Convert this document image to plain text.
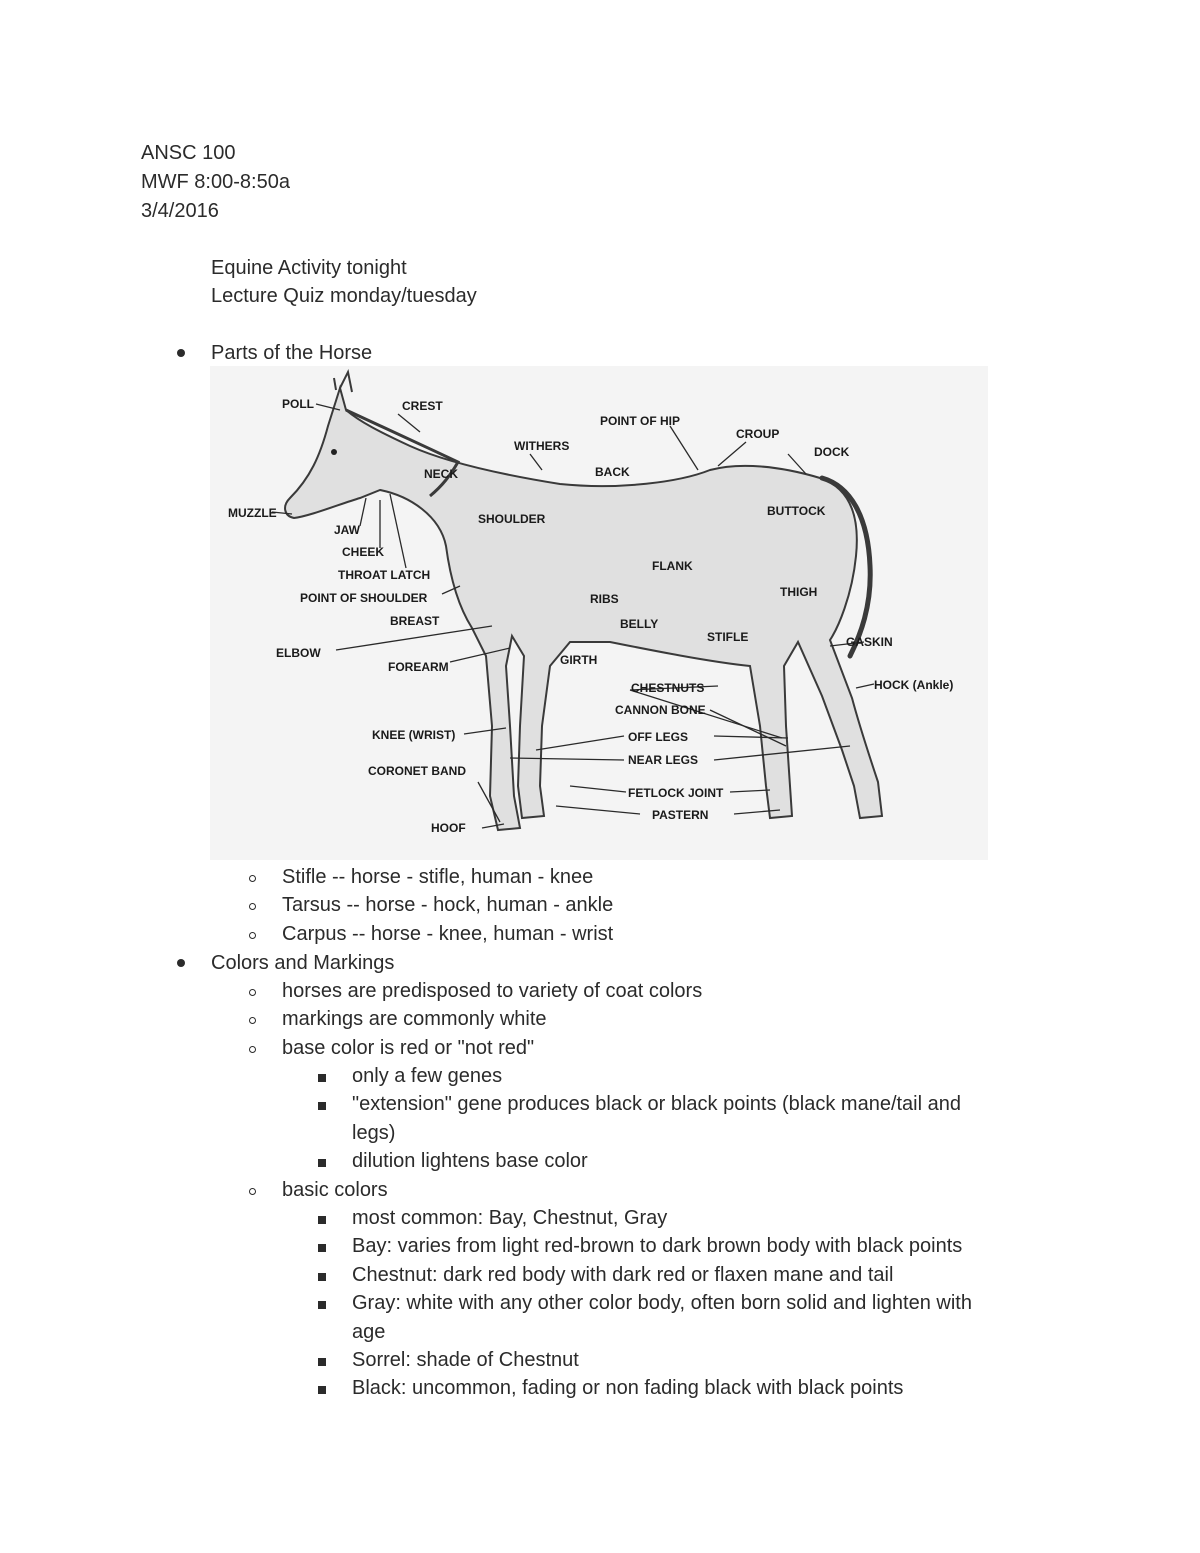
ANSC 100
MWF 8:00-8:50a
3/4/2016
Equine Activity tonight
Lecture Quiz monday/tuesday
Parts of the Horse
POLL	CREST
WITHERS
POINT OF HIP
CROUP
DOCK
NECK	BACK
MUZZLE
JAW
SHOULDER
BUTTOCK
CHEEK
THROAT LATCH
FLANK
POINT OF SHOULDER	RIBS	THIGH
BREAST	BELLY
STIFLE	GASKIN
ELBOW
FOREARM	GIRTH
CHESTNUTS	HOCK (Ankle)
CANNON BONE
KNEE (WRIST)	OFF LEGS
NEAR LEGS
CORONET BAND
FETLOCK JOINT
PASTERN
HOOF
Stifle -- horse - stifle, human - knee
Tarsus -- horse - hock, human - ankle
Carpus -- horse - knee, human - wrist
Colors and Markings
horses are predisposed to variety of coat colors
markings are commonly white
base color is red or "not red"
only a few genes
"extension" gene produces black or black points (black mane/tail and
legs)
dilution lightens base color
basic colors
most common: Bay, Chestnut, Gray
Bay: varies from light red-brown to dark brown body with black points
Chestnut: dark red body with dark red or flaxen mane and tail
Gray: white with any other color body, often born solid and lighten with
age
Sorrel: shade of Chestnut
Black: uncommon, fading or non fading black with black points
